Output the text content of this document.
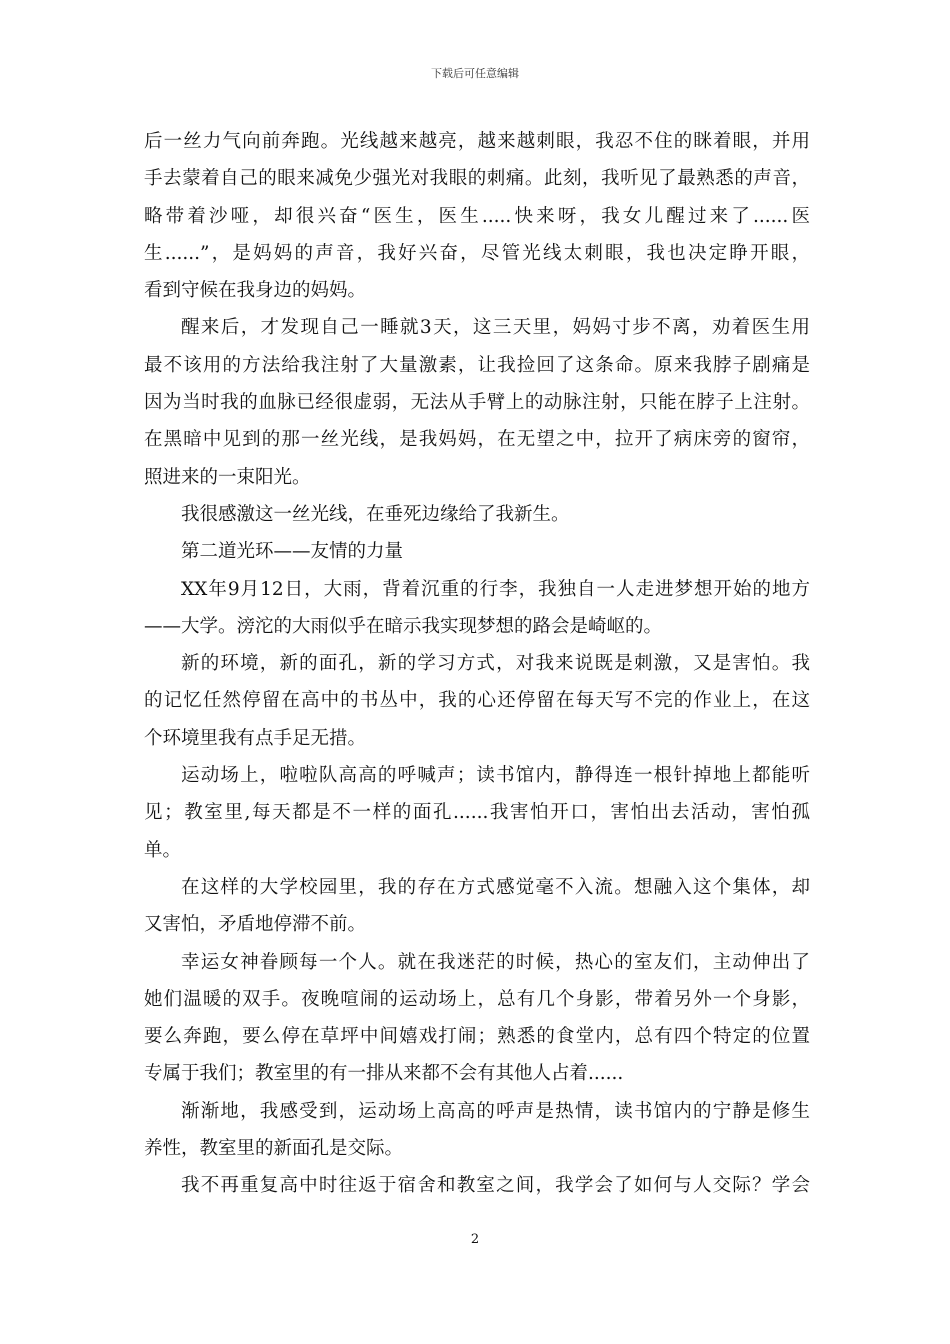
下载后可任意编辑
后一丝力气向前奔跑。光线越来越亮，越来越刺眼，我忍不住的眯着眼，并用
手去蒙着自己的眼来减免少强光对我眼的刺痛。此刻，我听见了最熟悉的声音，
略带着沙哑，却很兴奋“医生，医生.....快来呀，我女儿醒过来了......医
生......”，是妈妈的声音，我好兴奋，尽管光线太刺眼，我也决定睁开眼，
看到守候在我身边的妈妈。
醒来后，才发现自己一睡就3天，这三天里，妈妈寸步不离，劝着医生用
最不该用的方法给我注射了大量激素，让我捡回了这条命。原来我脖子剧痛是
因为当时我的血脉已经很虚弱，无法从手臂上的动脉注射，只能在脖子上注射。
在黑暗中见到的那一丝光线，是我妈妈，在无望之中，拉开了病床旁的窗帘，
照进来的一束阳光。
我很感激这一丝光线，在垂死边缘给了我新生。
第二道光环——友情的力量
XX年9月12日，大雨，背着沉重的行李，我独自一人走进梦想开始的地方
——大学。滂沱的大雨似乎在暗示我实现梦想的路会是崎岖的。
新的环境，新的面孔，新的学习方式，对我来说既是刺激，又是害怕。我
的记忆任然停留在高中的书丛中，我的心还停留在每天写不完的作业上，在这
个环境里我有点手足无措。
运动场上，啦啦队高高的呼喊声；读书馆内，静得连一根针掉地上都能听
见；教室里,每天都是不一样的面孔......我害怕开口，害怕出去活动，害怕孤
单。
在这样的大学校园里，我的存在方式感觉毫不入流。想融入这个集体，却
又害怕，矛盾地停滞不前。
幸运女神眷顾每一个人。就在我迷茫的时候，热心的室友们，主动伸出了
她们温暖的双手。夜晚喧闹的运动场上，总有几个身影，带着另外一个身影，
要么奔跑，要么停在草坪中间嬉戏打闹；熟悉的食堂内，总有四个特定的位置
专属于我们；教室里的有一排从来都不会有其他人占着......
渐渐地，我感受到，运动场上高高的呼声是热情，读书馆内的宁静是修生
养性，教室里的新面孔是交际。
我不再重复高中时往返于宿舍和教室之间，我学会了如何与人交际？学会
2
